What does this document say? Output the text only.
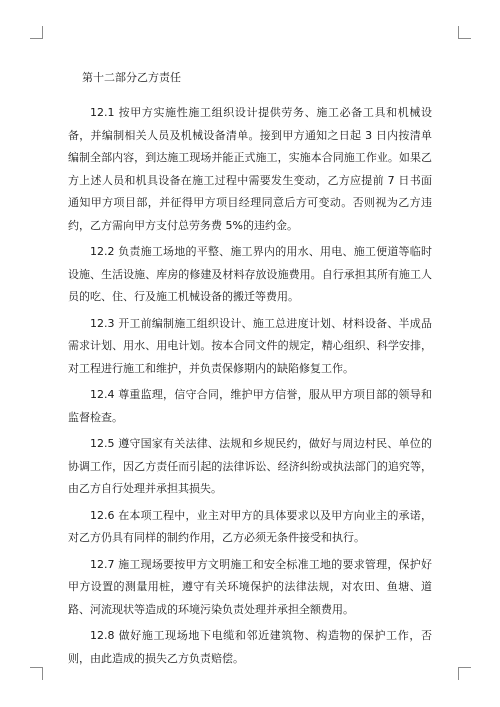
第十二部分乙方责任

12.1 按甲方实施性施工组织设计提供劳务、施工必备工具和机械设备，并编制相关人员及机械设备清单。接到甲方通知之日起 3 日内按清单编制全部内容，到达施工现场并能正式施工，实施本合同施工作业。如果乙方上述人员和机具设备在施工过程中需要发生变动，乙方应提前 7 日书面通知甲方项目部，并征得甲方项目经理同意后方可变动。否则视为乙方违约，乙方需向甲方支付总劳务费 5%的违约金。

12.2 负责施工场地的平整、施工界内的用水、用电、施工便道等临时设施、生活设施、库房的修建及材料存放设施费用。自行承担其所有施工人员的吃、住、行及施工机械设备的搬迁等费用。

12.3 开工前编制施工组织设计、施工总进度计划、材料设备、半成品需求计划、用水、用电计划。按本合同文件的规定，精心组织、科学安排，对工程进行施工和维护，并负责保修期内的缺陷修复工作。

12.4 尊重监理，信守合同，维护甲方信誉，服从甲方项目部的领导和监督检查。

12.5 遵守国家有关法律、法规和乡规民约，做好与周边村民、单位的协调工作，因乙方责任而引起的法律诉讼、经济纠纷或执法部门的追究等，由乙方自行处理并承担其损失。

12.6 在本项工程中，业主对甲方的具体要求以及甲方向业主的承诺，对乙方仍具有同样的制约作用，乙方必须无条件接受和执行。

12.7 施工现场要按甲方文明施工和安全标准工地的要求管理，保护好甲方设置的测量用桩，遵守有关环境保护的法律法规，对农田、鱼塘、道路、河流现状等造成的环境污染负责处理并承担全额费用。

12.8 做好施工现场地下电缆和邻近建筑物、构造物的保护工作，否则，由此造成的损失乙方负责赔偿。
